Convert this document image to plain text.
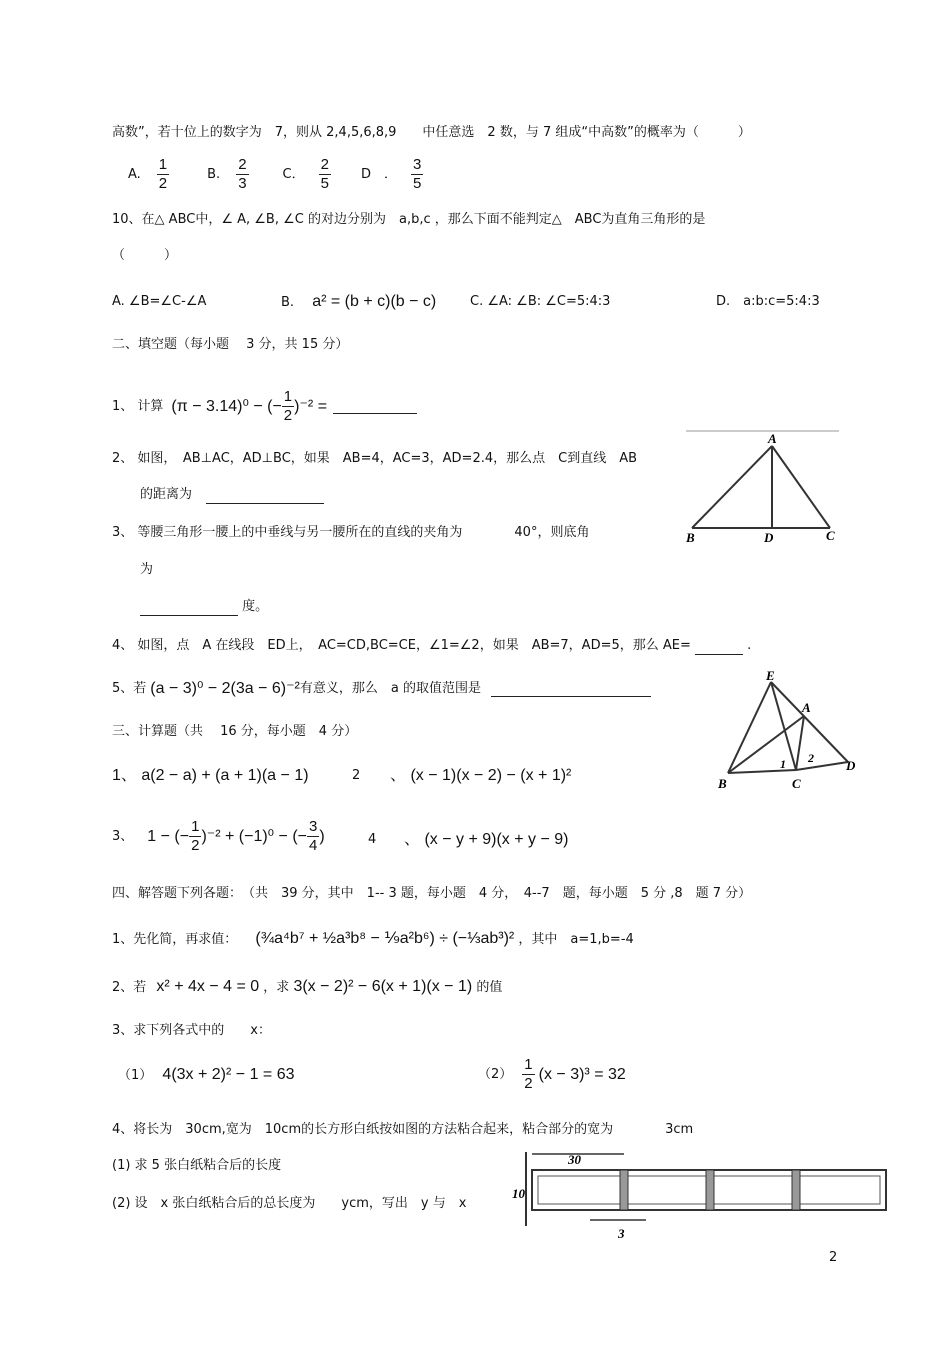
高数”，若十位上的数字为　7，则从 2,4,5,6,8,9　　中任意选　2 数，与 7 组成“中高数”的概率为（　　　）
A. $\frac{1}{2}$	B. $\frac{2}{3}$	C． $\frac{2}{5}$ D　． $\frac{3}{5}$
10、在△ ABC中，∠ A, ∠B, ∠C 的对边分别为　a,b,c ，那么下面不能判定△　ABC为直角三角形的是
（　　　）
A. ∠B=∠C-∠A	B. a² = (b + c)(b − c)	C. ∠A: ∠B: ∠C=5:4:3	D.　a:b:c=5:4:3
二、填空题（每小题　 3 分，共 15 分）
1、 计算 (π − 3.14)⁰ − (− $\frac{1}{2} )^{-2}$ =
2、 如图，　AB⊥AC，AD⊥BC，如果　AB=4，AC=3，AD=2.4，那么点　C到直线　AB
的距离为
3、 等腰三角形一腰上的中垂线与另一腰所在的直线的夹角为　　　　40°，则底角
为
度。
4、 如图，点　A 在线段　ED上，　AC=CD,BC=CE，∠1=∠2，如果　AB=7，AD=5，那么 AE=	.
5、若 (a − 3)⁰ − 2(3a − 6)⁻² 有意义，那么　a 的取值范围是
三、计算题（共　 16 分，每小题　4 分）
1、 a(2 − a) + (a + 1)(a − 1)	2 、 (x − 1)(x − 2) − (x + 1)²
3、 1 − (− $\frac{1}{2} )^{-2} + (-1)^0$ − (− $\frac{3}{4}$ )	4 、 (x − y + 9)(x + y − 9)
四、解答题下列各题：　（共　39 分，其中　1-- 3 题，每小题　4 分，　4--7　题，每小题　5 分 ,8　题 7 分）
1、先化简，再求值： (¾a⁴b⁷ + ½a³b⁸ − ⅑a²b⁶) ÷ (−⅓ab³)² ，其中　a=1,b=-4
2、若 x² + 4x − 4 = 0 ，求 3(x − 2)² − 6(x + 1)(x − 1) 的值
3、求下列各式中的　　x：
（1） 4(3x + 2)² − 1 = 63	$(2) \frac{1}{2} (x - 3)^3 = 32$
4、将长为　30cm,宽为　10cm的长方形白纸按如图的方法粘合起来，粘合部分的宽为　　　　3cm
(1) 求 5 张白纸粘合后的长度
(2) 设　x 张白纸粘合后的总长度为　　ycm，写出　y 与　x
A
B	D	C
E
A
B	C
D
1 2
30
10
3
2
